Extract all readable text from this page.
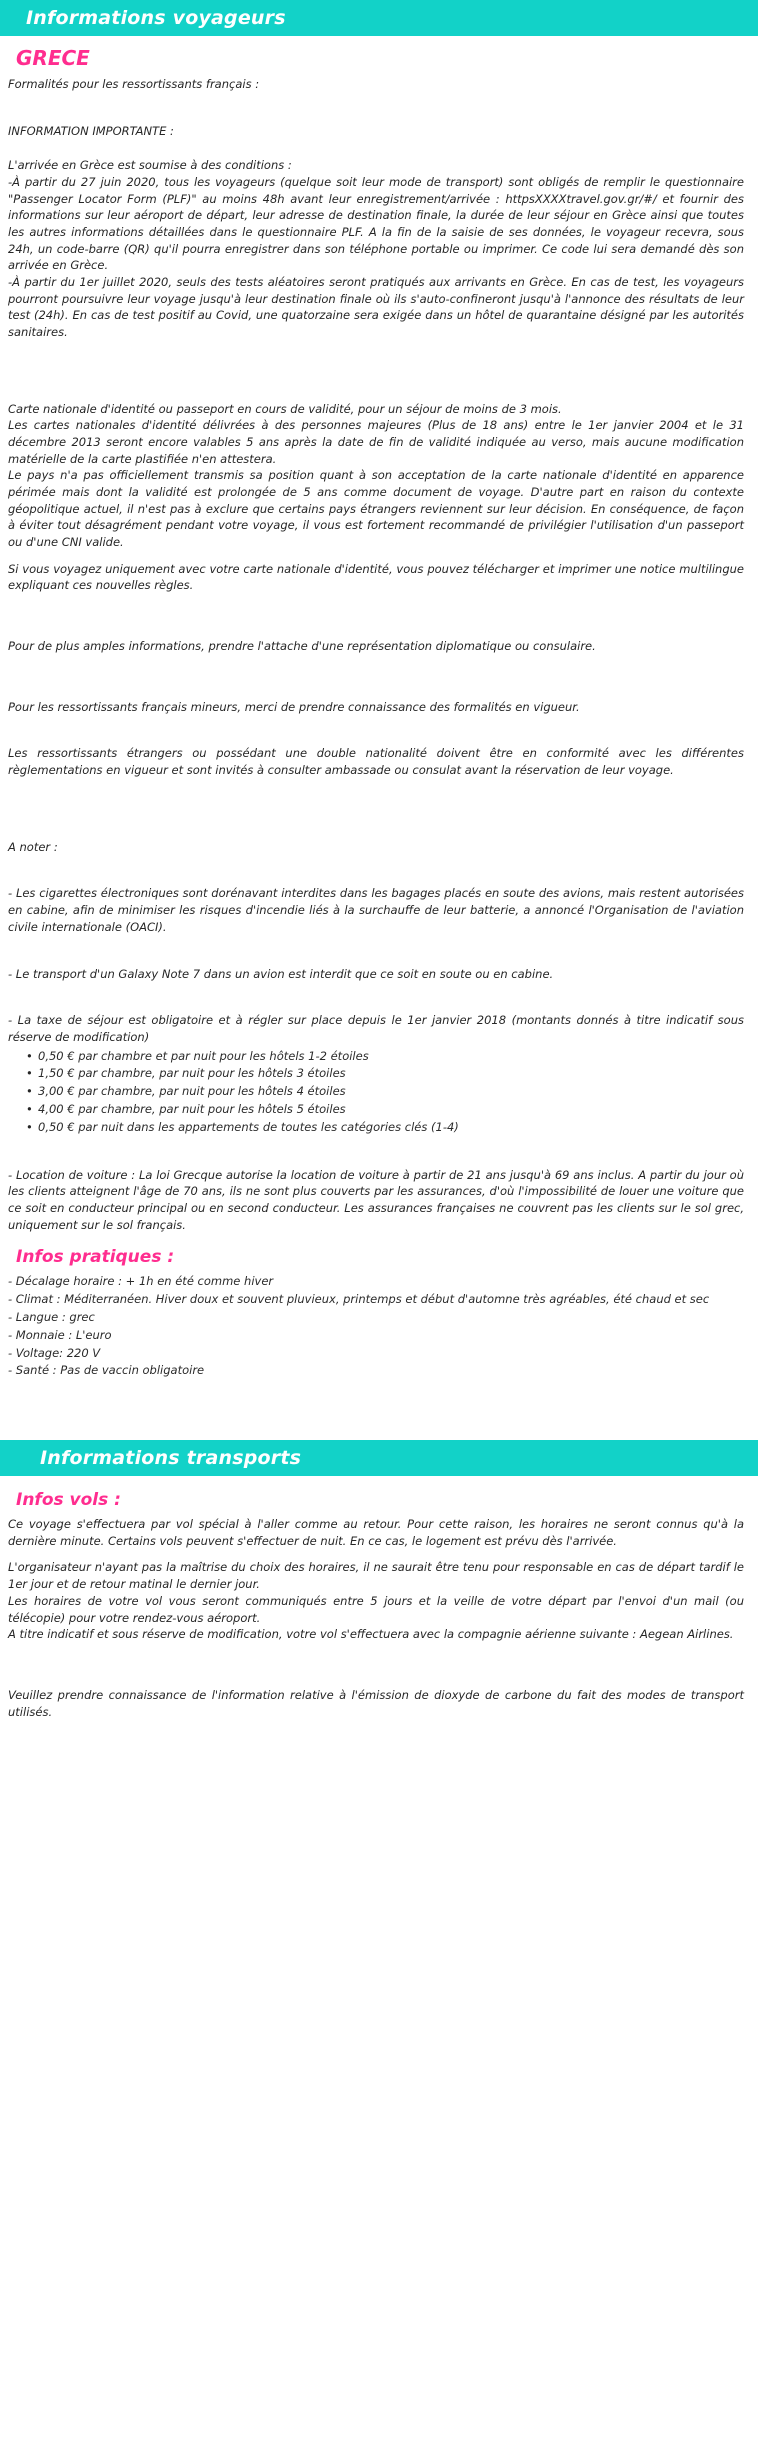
Informations voyageurs
GRECE

Formalités pour les ressortissants français :

INFORMATION IMPORTANTE :

L'arrivée en Grèce est soumise à des conditions :

-À partir du 27 juin 2020, tous les voyageurs (quelque soit leur mode de transport) sont obligés de remplir le questionnaire "Passenger Locator Form (PLF)" au moins 48h avant leur enregistrement/arrivée : httpsXXXXtravel.gov.gr/#/ et fournir des informations sur leur aéroport de départ, leur adresse de destination finale, la durée de leur séjour en Grèce ainsi que toutes les autres informations détaillées dans le questionnaire PLF. A la fin de la saisie de ses données, le voyageur recevra, sous 24h, un code-barre (QR) qu'il pourra enregistrer dans son téléphone portable ou imprimer. Ce code lui sera demandé dès son arrivée en Grèce.

-À partir du 1er juillet 2020, seuls des tests aléatoires seront pratiqués aux arrivants en Grèce. En cas de test, les voyageurs pourront poursuivre leur voyage jusqu'à leur destination finale où ils s'auto-confineront jusqu'à l'annonce des résultats de leur test (24h). En cas de test positif au Covid, une quatorzaine sera exigée dans un hôtel de quarantaine désigné par les autorités sanitaires.

Carte nationale d'identité ou passeport en cours de validité, pour un séjour de moins de 3 mois.

Les cartes nationales d'identité délivrées à des personnes majeures (Plus de 18 ans) entre le 1er janvier 2004 et le 31 décembre 2013 seront encore valables 5 ans après la date de fin de validité indiquée au verso, mais aucune modification matérielle de la carte plastifiée n'en attestera.

Le pays n'a pas officiellement transmis sa position quant à son acceptation de la carte nationale d'identité en apparence périmée mais dont la validité est prolongée de 5 ans comme document de voyage. D'autre part en raison du contexte géopolitique actuel, il n'est pas à exclure que certains pays étrangers reviennent sur leur décision. En conséquence, de façon à éviter tout désagrément pendant votre voyage, il vous est fortement recommandé de privilégier l'utilisation d'un passeport ou d'une CNI valide.

Si vous voyagez uniquement avec votre carte nationale d'identité, vous pouvez télécharger et imprimer une notice multilingue expliquant ces nouvelles règles.

Pour de plus amples informations, prendre l'attache d'une représentation diplomatique ou consulaire.

Pour les ressortissants français mineurs, merci de prendre connaissance des formalités en vigueur.

Les ressortissants étrangers ou possédant une double nationalité doivent être en conformité avec les différentes règlementations en vigueur et sont invités à consulter ambassade ou consulat avant la réservation de leur voyage.

A noter :

- Les cigarettes électroniques sont dorénavant interdites dans les bagages placés en soute des avions, mais restent autorisées en cabine, afin de minimiser les risques d'incendie liés à la surchauffe de leur batterie, a annoncé l'Organisation de l'aviation civile internationale (OACI).

- Le transport d'un Galaxy Note 7 dans un avion est interdit que ce soit en soute ou en cabine.

- La taxe de séjour est obligatoire et à régler sur place depuis le 1er janvier 2018 (montants donnés à titre indicatif sous réserve de modification)

• 0,50 € par chambre et par nuit pour les hôtels 1-2 étoiles
• 1,50 € par chambre, par nuit pour les hôtels 3 étoiles
• 3,00 € par chambre, par nuit pour les hôtels 4 étoiles
• 4,00 € par chambre, par nuit pour les hôtels 5 étoiles
• 0,50 € par nuit dans les appartements de toutes les catégories clés (1-4)

- Location de voiture : La loi Grecque autorise la location de voiture à partir de 21 ans jusqu'à 69 ans inclus. A partir du jour où les clients atteignent l'âge de 70 ans, ils ne sont plus couverts par les assurances, d'où l'impossibilité de louer une voiture que ce soit en conducteur principal ou en second conducteur. Les assurances françaises ne couvrent pas les clients sur le sol grec, uniquement sur le sol français.

Infos pratiques :
- Décalage horaire : + 1h en été comme hiver
- Climat : Méditerranéen. Hiver doux et souvent pluvieux, printemps et début d'automne très agréables, été chaud et sec
- Langue : grec
- Monnaie : L'euro
- Voltage: 220 V
- Santé : Pas de vaccin obligatoire
Informations transports
Infos vols :

Ce voyage s'effectuera par vol spécial à l'aller comme au retour. Pour cette raison, les horaires ne seront connus qu'à la dernière minute. Certains vols peuvent s'effectuer de nuit. En ce cas, le logement est prévu dès l'arrivée.

L'organisateur n'ayant pas la maîtrise du choix des horaires, il ne saurait être tenu pour responsable en cas de départ tardif le 1er jour et de retour matinal le dernier jour.

Les horaires de votre vol vous seront communiqués entre 5 jours et la veille de votre départ par l'envoi d'un mail (ou télécopie) pour votre rendez-vous aéroport.

A titre indicatif et sous réserve de modification, votre vol s'effectuera avec la compagnie aérienne suivante : Aegean Airlines.

Veuillez prendre connaissance de l'information relative à l'émission de dioxyde de carbone du fait des modes de transport utilisés.
